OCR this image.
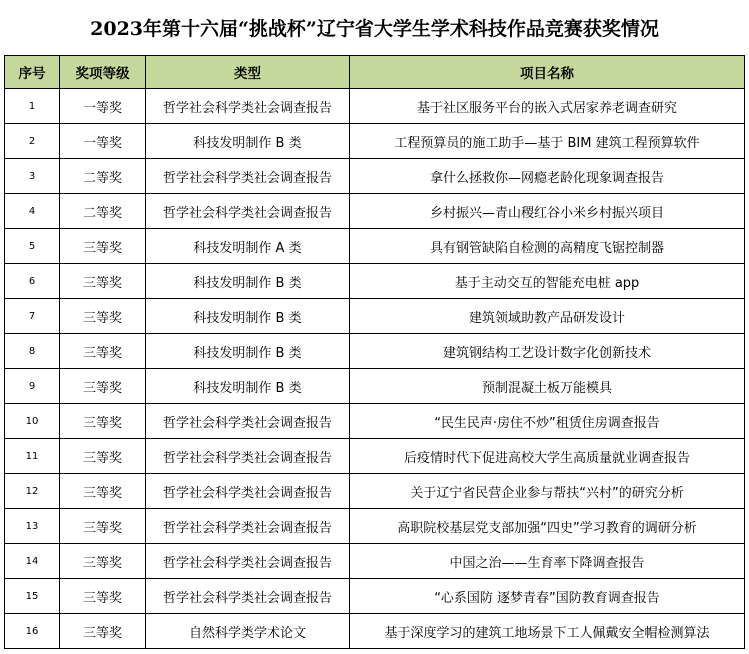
2023年第十六届“挑战杯”辽宁省大学生学术科技作品竞赛获奖情况
序号	奖项等级	类型	项目名称
1	一等奖	哲学社会科学类社会调查报告	基于社区服务平台的嵌入式居家养老调查研究
2	一等奖	科技发明制作 B 类	工程预算员的施工助手—基于 BIM 建筑工程预算软件
3	二等奖	哲学社会科学类社会调查报告	拿什么拯救你—网瘾老龄化现象调查报告
4	二等奖	哲学社会科学类社会调查报告	乡村振兴—青山稷红谷小米乡村振兴项目
5	三等奖	科技发明制作 A 类	具有钢管缺陷自检测的高精度飞锯控制器
6	三等奖	科技发明制作 B 类	基于主动交互的智能充电桩 app
7	三等奖	科技发明制作 B 类	建筑领域助教产品研发设计
8	三等奖	科技发明制作 B 类	建筑钢结构工艺设计数字化创新技术
9	三等奖	科技发明制作 B 类	预制混凝土板万能模具
10	三等奖	哲学社会科学类社会调查报告	“民生民声·房住不炒”租赁住房调查报告
11	三等奖	哲学社会科学类社会调查报告	后疫情时代下促进高校大学生高质量就业调查报告
12	三等奖	哲学社会科学类社会调查报告	关于辽宁省民营企业参与帮扶“兴村”的研究分析
13	三等奖	哲学社会科学类社会调查报告	高职院校基层党支部加强“四史”学习教育的调研分析
14	三等奖	哲学社会科学类社会调查报告	中国之治——生育率下降调查报告
15	三等奖	哲学社会科学类社会调查报告	“心系国防 逐梦青春”国防教育调查报告
16	三等奖	自然科学类学术论文	基于深度学习的建筑工地场景下工人佩戴安全帽检测算法
